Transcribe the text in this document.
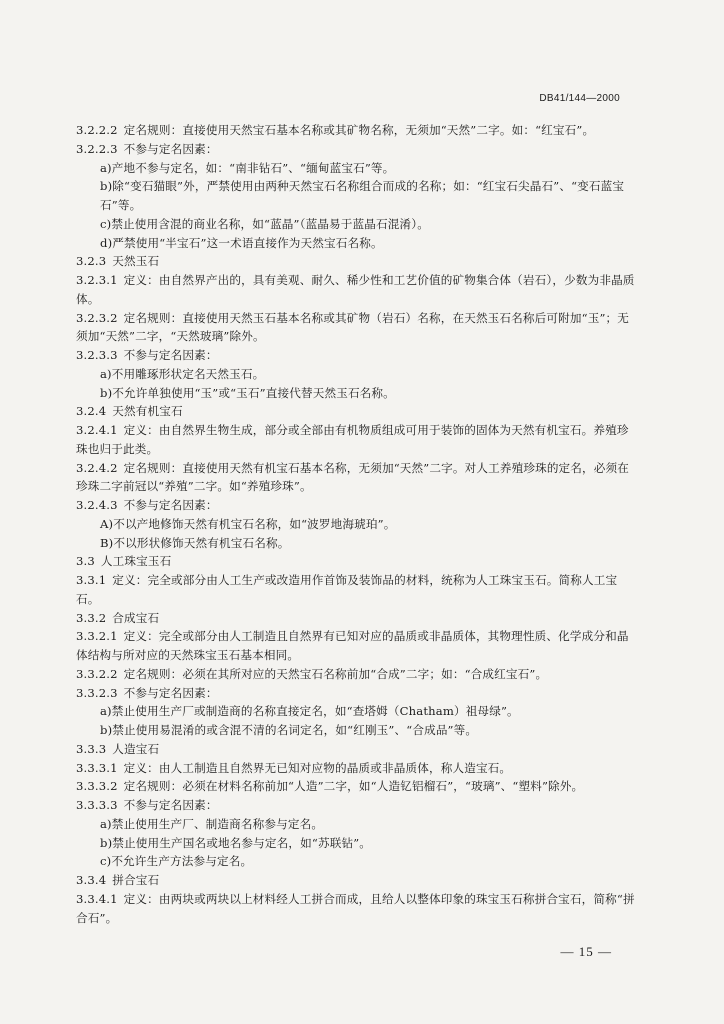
DB41/144—2000
3.2.2.2 定名规则：直接使用天然宝石基本名称或其矿物名称，无须加“天然”二字。如：“红宝石”。
3.2.2.3 不参与定名因素：
a)产地不参与定名，如：“南非钻石”、“缅甸蓝宝石”等。
b)除“变石猫眼”外，严禁使用由两种天然宝石名称组合而成的名称；如：“红宝石尖晶石”、“变石蓝宝石”等。
c)禁止使用含混的商业名称，如“蓝晶”（蓝晶易于蓝晶石混淆）。
d)严禁使用“半宝石”这一术语直接作为天然宝石名称。
3.2.3 天然玉石
3.2.3.1 定义：由自然界产出的，具有美观、耐久、稀少性和工艺价值的矿物集合体（岩石），少数为非晶质体。
3.2.3.2 定名规则：直接使用天然玉石基本名称或其矿物（岩石）名称，在天然玉石名称后可附加“玉”；无须加“天然”二字，“天然玻璃”除外。
3.2.3.3 不参与定名因素：
a)不用雕琢形状定名天然玉石。
b)不允许单独使用“玉”或“玉石”直接代替天然玉石名称。
3.2.4 天然有机宝石
3.2.4.1 定义：由自然界生物生成，部分或全部由有机物质组成可用于装饰的固体为天然有机宝石。养殖珍珠也归于此类。
3.2.4.2 定名规则：直接使用天然有机宝石基本名称，无须加“天然”二字。对人工养殖珍珠的定名，必须在珍珠二字前冠以“养殖”二字。如“养殖珍珠”。
3.2.4.3 不参与定名因素：
A)不以产地修饰天然有机宝石名称，如“波罗地海琥珀”。
B)不以形状修饰天然有机宝石名称。
3.3 人工珠宝玉石
3.3.1 定义：完全或部分由人工生产或改造用作首饰及装饰品的材料，统称为人工珠宝玉石。简称人工宝石。
3.3.2 合成宝石
3.3.2.1 定义：完全或部分由人工制造且自然界有已知对应的晶质或非晶质体，其物理性质、化学成分和晶体结构与所对应的天然珠宝玉石基本相同。
3.3.2.2 定名规则：必须在其所对应的天然宝石名称前加“合成”二字；如：“合成红宝石”。
3.3.2.3 不参与定名因素：
a)禁止使用生产厂或制造商的名称直接定名，如“查塔姆（Chatham）祖母绿”。
b)禁止使用易混淆的或含混不清的名词定名，如“红刚玉”、“合成品”等。
3.3.3 人造宝石
3.3.3.1 定义：由人工制造且自然界无已知对应物的晶质或非晶质体，称人造宝石。
3.3.3.2 定名规则：必须在材料名称前加“人造”二字，如“人造钇铝榴石”，“玻璃”、“塑料”除外。
3.3.3.3 不参与定名因素：
a)禁止使用生产厂、制造商名称参与定名。
b)禁止使用生产国名或地名参与定名，如“苏联钻”。
c)不允许生产方法参与定名。
3.3.4 拼合宝石
3.3.4.1 定义：由两块或两块以上材料经人工拼合而成，且给人以整体印象的珠宝玉石称拼合宝石，简称“拼合石”。
— 15 —
